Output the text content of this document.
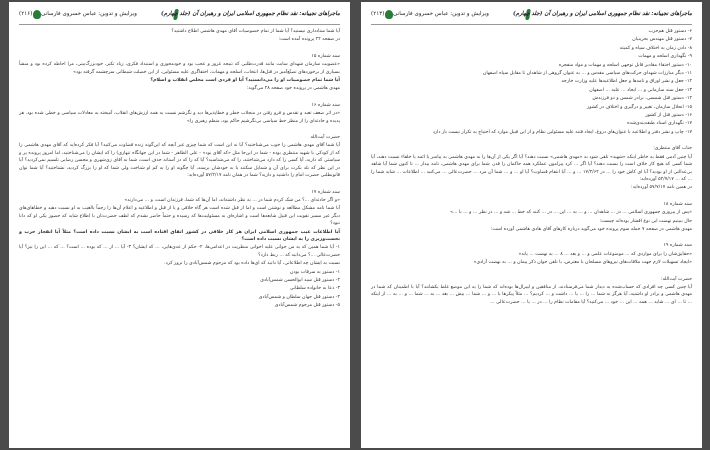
(۲۱۶) ویرایش و تدوین: عباس خسروی فارسانی	ماجراهای نجیبانه: نقد نظام جمهوری اسلامی ایران و رهبران آن (جلد چهارم)

آیا شما ستادداری نیستید؟ آیا شما از تمام خصوصیات آقای مهدی هاشمی اطلاع داشتید؟

در صفحه ۲۴ پرونده آمده است:

سند شماره ۱۵

«عضویت سازمان شهدای سابت مانند قدرت‌طلبی که نتیجه غرور و عجب بود و خودمحوری و استبداد فکری، زیاد تکبر، خودبزرگ‌بینی، مرا احاطه کرده بود و منشأ بسیاری از برخوردهای تصنّع‌آمیز در قتل‌ها، انتخاب، اسلحه و مهمات، اختفاگری علیه مسئولین، از این خصلت شیطانی سرچشمه گرفته بود»

آیا شما تمام خصوصیات او را می‌دانستید؟ آیا او فردی است مخلص انقلاب و اسلام؟

مهدی هاشمی در پرونده خود صفحه ۲۸ می‌گوید:

سند شماره ۱۶

«در اثر ضعف تعبد و تقدس و فرو رفتن در منجلاب خطر و خطاپذیرها دید و نگرشم نسبت به همه ارزش‌های انقلاب، آمیخته به معادلات سیاسی و خطی شده بود. هر پدیده و حادثه‌ای را از منظر خط سیاسی بی‌نگرشیم حاکم بود، منظم رهبری را»

حضرت آیت‌الله

آیا شما آقای مهدی هاشمی را خوب می‌شناختید؟ آیا نه این است که شما چیزی غیر آنچه که این‌گونه زنده قضاوت می‌کنید؟ آیا فکر کرده‌اید که آقای مهدی هاشمی را که از کودکی با شهید منتظری بوده - شما در این‌جا مثل «که آقای بود» - علی الظاهر - شما در این جهانگاه تنهاری) را که ایشان را می‌شناختید، اما امروز پرونده پر و سیاستی که دارید، آیا کسی را که دارد می‌شناختند، را که می‌شناسید؟ آیا که را که در آستانه حذف است، شما به آقای زی‌شهری و محسن رضایی تلسیم نمی‌کردید؟ آیا در این نظر که بلد بکرت برای آن و شمایل سکتند یا به خودشان برسند، آیا چگونه او را به کم او شناخت ولی شما که او را بزرگ کردید، نشناختید؟ آیا شما توان قانونطلبی حضرت امام را داشتید و دارید؟ شما در همان نامه ۵۷/۲/۱۷ آورده‌اید:

سند شماره ۱۷

«و اگر حادثه‌ای ...؟ من شک کردم شما در ... به نظر داشته‌اند، اما آن‌ها که شما، فرزندان است، و ... می‌دارند»

آیا شما نامه مشکل مطالعه و نوشتن است و اما از قبل شده است هر گاه خلافی و یا از قبل و اطلاعیه و اعلام آن‌ها را رجماً بالغیب به او نسبت دهید و خطاهای‌های دیگر غیر مسیر تقویت این قبیل شایعه‌ها است و اشاره‌ای به مسئولیت‌ها که رسیده و حتماً حاضر نشدم که لطف حضرت‌تان با اطلاع شاید که حضور یکی او که دانا نبود؟

آیا اطلاعات غیب جمهوری اسلامی ایران هر کار خلافی در کشور اتفاق افتاده است به ایشان نسبت داده است؟ مثلاً آیا انفجار حزب و نخست‌وزیری را به ایشان نسبت داده است؟

۱- آیا شما همین که به من جوانی علیه اخوانی منظریت در اعدامی‌ها، ۲- حکم از عدی‌هایی، ... که ایشان؟ ۳- آیا ... از ... که بوده ... است؟ ... که ... این را نیز؟ آیا حضرت‌عالی ...؟ می‌دانید که ... ربط دارد؟

نسبت به ایشان چه اطلاعاتی، آیا دانید که ای‌ها داده بود که مرحوم شمس‌آبادی را ترور کرد.

۱- دستور به سرقات بودن

۲- دستور قتل سید ابوالحسن شمس‌آبادی

۳- دعا به خانواده سلطانی

۴- دستور قتل جهان سلطان و شمس‌آبادی

۵- دستور قتل مرحوم شمس‌آبادی

(۲۱۳) ویرایش و تدوین: عباس خسروی فارسانی	ماجراهای نجیبانه: نقد نظام جمهوری اسلامی ایران و رهبران آن (جلد چهارم)

۶- دستور قتل هم‌حزب

۷- دستور قتل مهندس بحرینیان

۸- دادن زمان به اختلاف سپاه و کمیته

۹- نگهداری اسلحه و مهمات

۱۰- دستور اختفاء مقادیر قابل توجهی اسلحه و مهمات و مواد منفجره

۱۱- دیگر مبارزات شهدای حرکت‌های سیاسی مقدس و ... به عنوان گروهی از شاهدان تا مقابل سپاه اصفهان

۱۲- جعل و نشر اوراق و نامه‌ها و جعل اطلاعیه‌ها علیه وزارت خارجه

۱۳- جعل سند سازمانی و ... ایجاد ... علیه ... اصفهان

۱۴- دستور قتل شمسی، برادر شمس و دو فرزندش

۱۵- انحلال سازمان، تغییر و درگیری و اختلاف در کشور

۱۶- دستور قتل از کشور

۱۷- نگهداری اسناد طبقه‌بندی‌شده

۱۷- چاپ و نشر دفتر و اطلاعیه با عنوان‌های دروغ، ایجاد فتنه علیه مسئولین نظام و از این قبیل موارد که احتیاج به تکرار نیست باز دارد

جناب آقای منتظری:

آیا چنین آدمی فقط به خاطر اینکه «شهید» تلقی شود به «مهدی هاشمی» نسبت دهند؟ آیا اگر یکی از آن‌ها را به مهدی هاشمی به پیامبر یا ائمه یا خلفاء نسبت دهند، آیا شما کسی که هیچ کار خلاف است را نسبت دهند؟ آیا اگر ... کرد پیرامون عملکرد همه حاکمان را قدر، شما برای مهدی هاشمی، نامه بیدار ... تا کنون شما آیا شاهد بی‌عدالتی از او بودید؟ آیا ای کاش خود را ... در ۱۷/۲/۶۴ ... و ... آیا انتقام قضاوت؟ آیا او ... و ... شما آن مرد ... حضرت‌عالی ... می‌کنید ... اطلاعات ... شاید شما را ... که ... ۵۴/۷/۱۷ آورده‌اید:

در همین نامه ۵۷/۷/۱۷ آورده‌اید:

سند شماره ۱۸

«پس از پیروزی جمهوری اسلامی ... در ... شاهدان ... و ... به ... این ... در ... کنند که خط ... شد و ... در نظر ... و ... با ...»

حال ببینیم نهضت این نوع اقشار بوده‌اند چیست:

مهدی هاشمی در صفحه ۷ جمله سوم پرونده خود می‌گوید درباره کارهای آقای هادی هاشمی آورده است:

سند شماره ۱۹

«حقایق‌شان را برای مواردی که ... موضوعات علمی و ... و بعد ... ۸ ... به نهضت ... یابد»

«ایجاد تسهیلات لازم جهت ملاقات‌های نیروهای مسلحان با معترض، با تلفن جوان ذکر پیمان و ... به نهضت آزادی»

حضرت آیت‌الله:

آیا چنین کسی چه افرادی که حساب‌شده به دیدار شما می‌فرستادند، از منافقین و لیبرال‌ها بوده‌اند که شما را به این موضع غلط بکشانند؟ آیا با اطمینان که شما در مهدی هاشمی و برادر او داشتید، آیا هرگز به شما ... را ... یا ... داشت و ... کردیم؟ ... مثلاً پیکرها با ... و ... شما ... بیش ... بعد ... به ... شما ... و ... به ... از اینکه ... تا ... ای ... شاید ... همه ... این ... خود ... می‌کنید؟ آیا مقامات نظام را ... در ... یا ... حضرت‌عالی ...
